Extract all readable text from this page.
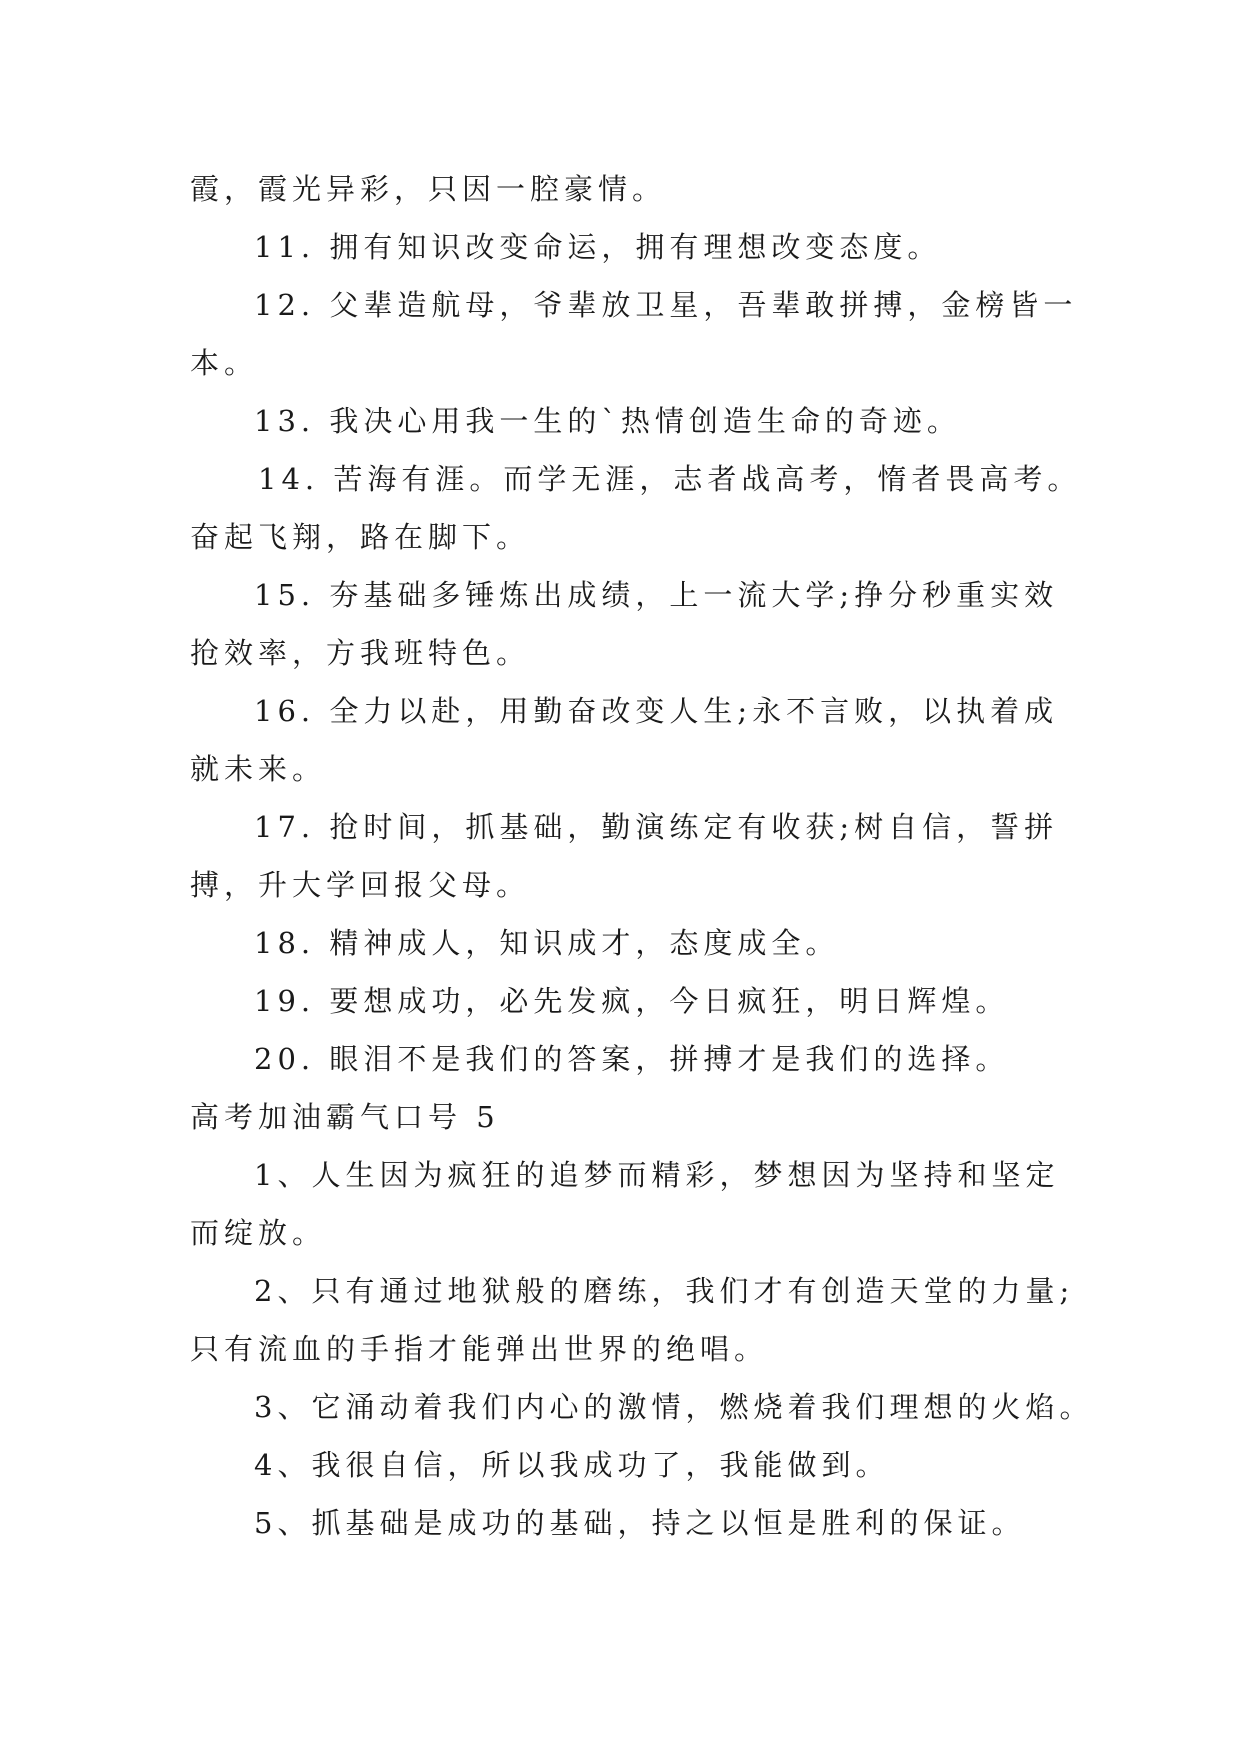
霞，霞光异彩，只因一腔豪情。
11. 拥有知识改变命运，拥有理想改变态度。
12. 父辈造航母，爷辈放卫星，吾辈敢拼搏，金榜皆一
本。
13. 我决心用我一生的`热情创造生命的奇迹。
14. 苦海有涯。而学无涯，志者战高考，惰者畏高考。
奋起飞翔，路在脚下。
15. 夯基础多锤炼出成绩，上一流大学;挣分秒重实效
抢效率，方我班特色。
16. 全力以赴，用勤奋改变人生;永不言败，以执着成
就未来。
17. 抢时间，抓基础，勤演练定有收获;树自信，誓拼
搏，升大学回报父母。
18. 精神成人，知识成才，态度成全。
19. 要想成功，必先发疯，今日疯狂，明日辉煌。
20. 眼泪不是我们的答案，拼搏才是我们的选择。
高考加油霸气口号 5
1、人生因为疯狂的追梦而精彩，梦想因为坚持和坚定
而绽放。
2、只有通过地狱般的磨练，我们才有创造天堂的力量;
只有流血的手指才能弹出世界的绝唱。
3、它涌动着我们内心的激情，燃烧着我们理想的火焰。
4、我很自信，所以我成功了，我能做到。
5、抓基础是成功的基础，持之以恒是胜利的保证。
